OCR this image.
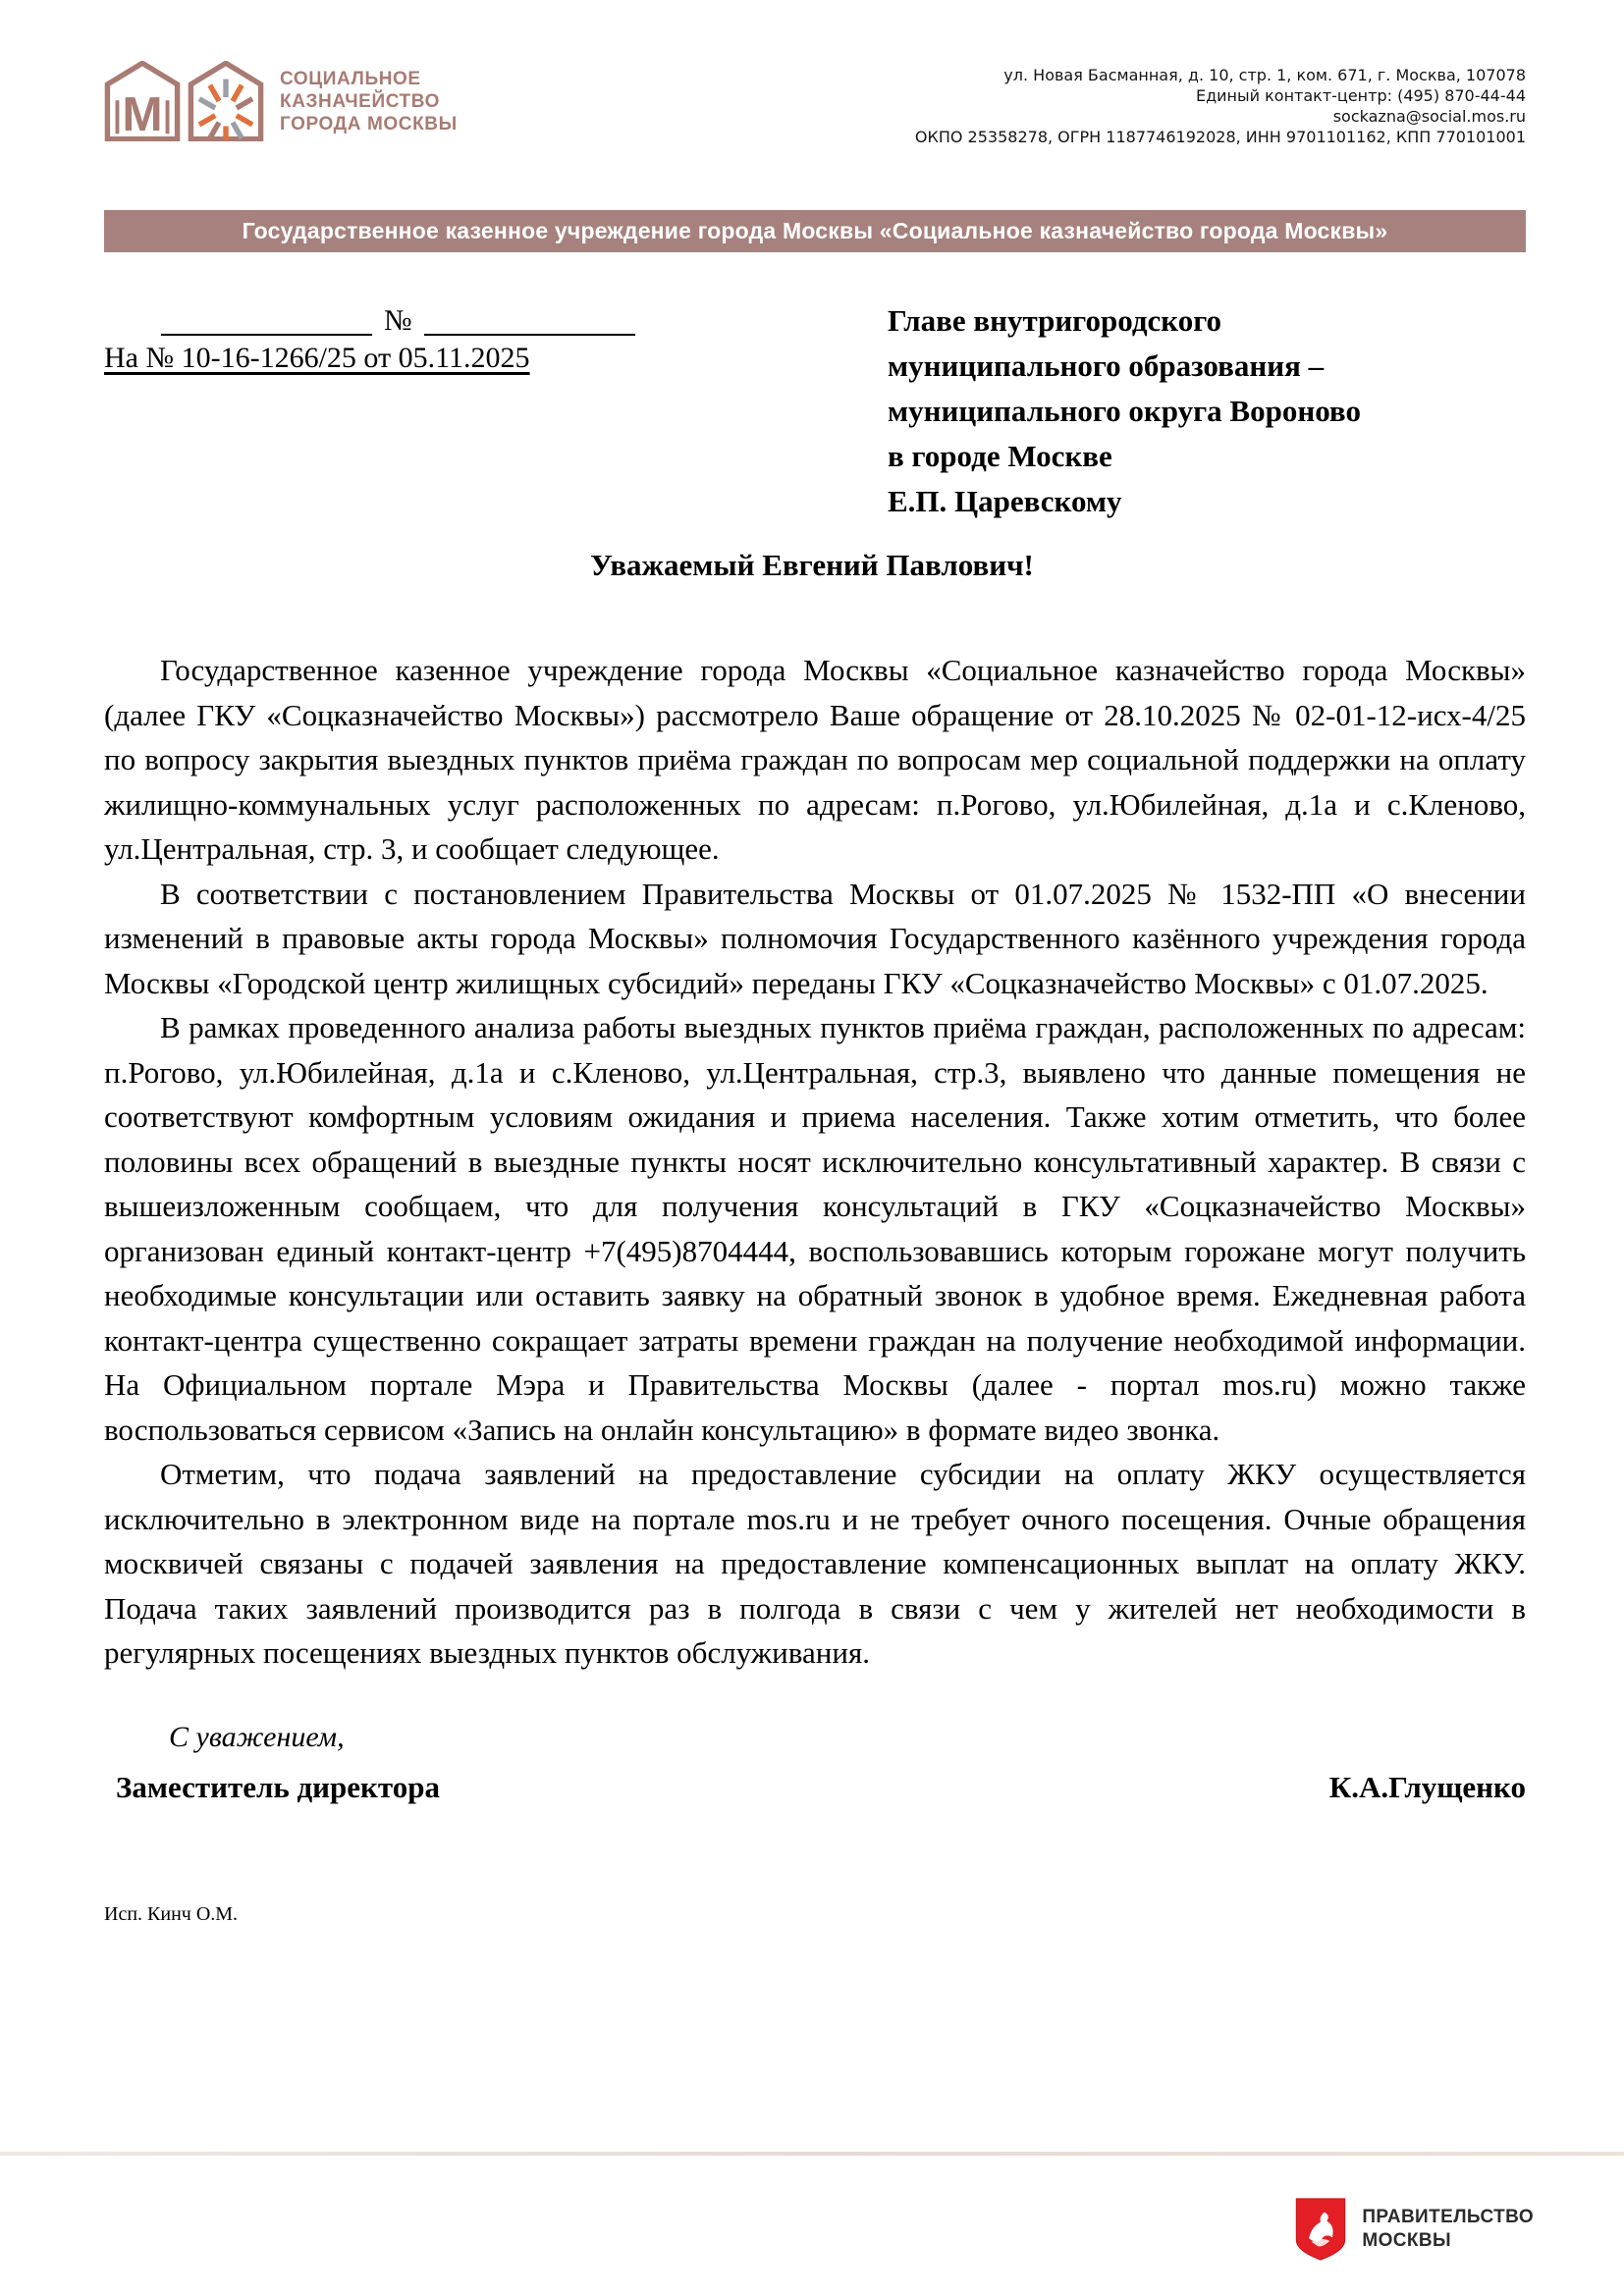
М
СОЦИАЛЬНОЕ
КАЗНАЧЕЙСТВО
ГОРОДА МОСКВЫ
ул. Новая Басманная, д. 10, стр. 1, ком. 671, г. Москва, 107078
Единый контакт-центр: (495) 870-44-44
sockazna@social.mos.ru
ОКПО 25358278, ОГРН 1187746192028, ИНН 9701101162, КПП 770101001
Государственное казенное учреждение города Москвы «Социальное казначейство города Москвы»
№
На № 10-16-1266/25 от 05.11.2025
Главе внутригородского
муниципального образования –
муниципального округа Вороново
в городе Москве
Е.П. Царевскому
Уважаемый Евгений Павлович!

Государственное казенное учреждение города Москвы «Социальное казначейство города Москвы» (далее ГКУ «Соцказначейство Москвы») рассмотрело Ваше обращение от 28.10.2025 № 02-01-12-исх-4/25 по вопросу закрытия выездных пунктов приёма граждан по вопросам мер социальной поддержки на оплату жилищно-коммунальных услуг расположенных по адресам: п.Рогово, ул.Юбилейная, д.1а и с.Кленово, ул.Центральная, стр. 3, и сообщает следующее.

В соответствии с постановлением Правительства Москвы от 01.07.2025 № 1532-ПП «О внесении изменений в правовые акты города Москвы» полномочия Государственного казённого учреждения города Москвы «Городской центр жилищных субсидий» переданы ГКУ «Соцказначейство Москвы» с 01.07.2025.

В рамках проведенного анализа работы выездных пунктов приёма граждан, расположенных по адресам: п.Рогово, ул.Юбилейная, д.1а и с.Кленово, ул.Центральная, стр.3, выявлено что данные помещения не соответствуют комфортным условиям ожидания и приема населения. Также хотим отметить, что более половины всех обращений в выездные пункты носят исключительно консультативный характер. В связи с вышеизложенным сообщаем, что для получения консультаций в ГКУ «Соцказначейство Москвы» организован единый контакт-центр +7(495)8704444, воспользовавшись которым горожане могут получить необходимые консультации или оставить заявку на обратный звонок в удобное время. Ежедневная работа контакт-центра существенно сокращает затраты времени граждан на получение необходимой информации. На Официальном портале Мэра и Правительства Москвы (далее - портал mos.ru) можно также воспользоваться сервисом «Запись на онлайн консультацию» в формате видео звонка.

Отметим, что подача заявлений на предоставление субсидии на оплату ЖКУ осуществляется исключительно в электронном виде на портале mos.ru и не требует очного посещения. Очные обращения москвичей связаны с подачей заявления на предоставление компенсационных выплат на оплату ЖКУ. Подача таких заявлений производится раз в полгода в связи с чем у жителей нет необходимости в регулярных посещениях выездных пунктов обслуживания.

С уважением,
Заместитель директора	К.А.Глущенко
Исп. Кинч О.М.
ПРАВИТЕЛЬСТВО
МОСКВЫ
